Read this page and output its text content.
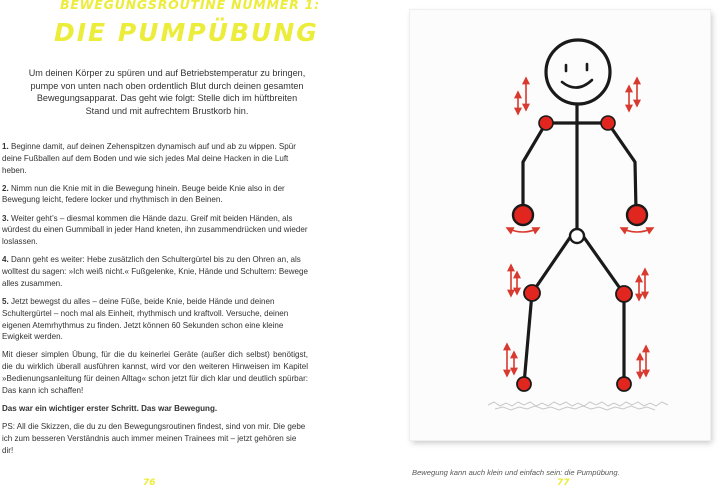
BEWEGUNGSROUTINE NUMMER 1:
DIE PUMPÜBUNG
Um deinen Körper zu spüren und auf Betriebstemperatur zu bringen, pumpe von unten nach oben ordentlich Blut durch deinen gesamten Bewegungsapparat. Das geht wie folgt: Stelle dich im hüftbreiten Stand und mit aufrechtem Brustkorb hin.

1. Beginne damit, auf deinen Zehenspitzen dynamisch auf und ab zu wippen. Spür deine Fußballen auf dem Boden und wie sich jedes Mal deine Hacken in die Luft heben.

2. Nimm nun die Knie mit in die Bewegung hinein. Beuge beide Knie also in der Bewegung leicht, federe locker und rhythmisch in den Beinen.

3. Weiter geht’s – diesmal kommen die Hände dazu. Greif mit beiden Händen, als würdest du einen Gummiball in jeder Hand kneten, ihn zusammendrücken und wieder loslassen.

4. Dann geht es weiter: Hebe zusätzlich den Schultergürtel bis zu den Ohren an, als wolltest du sagen: »Ich weiß nicht.« Fußgelenke, Knie, Hände und Schultern: Bewege alles zusammen.

5. Jetzt bewegst du alles – deine Füße, beide Knie, beide Hände und deinen Schultergürtel – noch mal als Einheit, rhythmisch und kraftvoll. Versuche, deinen eigenen Atemrhythmus zu finden. Jetzt können 60 Sekunden schon eine kleine Ewigkeit werden.

Mit dieser simplen Übung, für die du keinerlei Geräte (außer dich selbst) benötigst, die du wirklich überall ausführen kannst, wird vor den weiteren Hinweisen im Kapitel »Bedienungsanleitung für deinen Alltag« schon jetzt für dich klar und deutlich spürbar: Das kann ich schaffen!

Das war ein wichtiger erster Schritt. Das war Bewegung.

PS: All die Skizzen, die du zu den Bewegungsroutinen findest, sind von mir. Die gebe ich zum besseren Verständnis auch immer meinen Trainees mit – jetzt gehören sie dir!

76
Bewegung kann auch klein und einfach sein: die Pumpübung.
77
